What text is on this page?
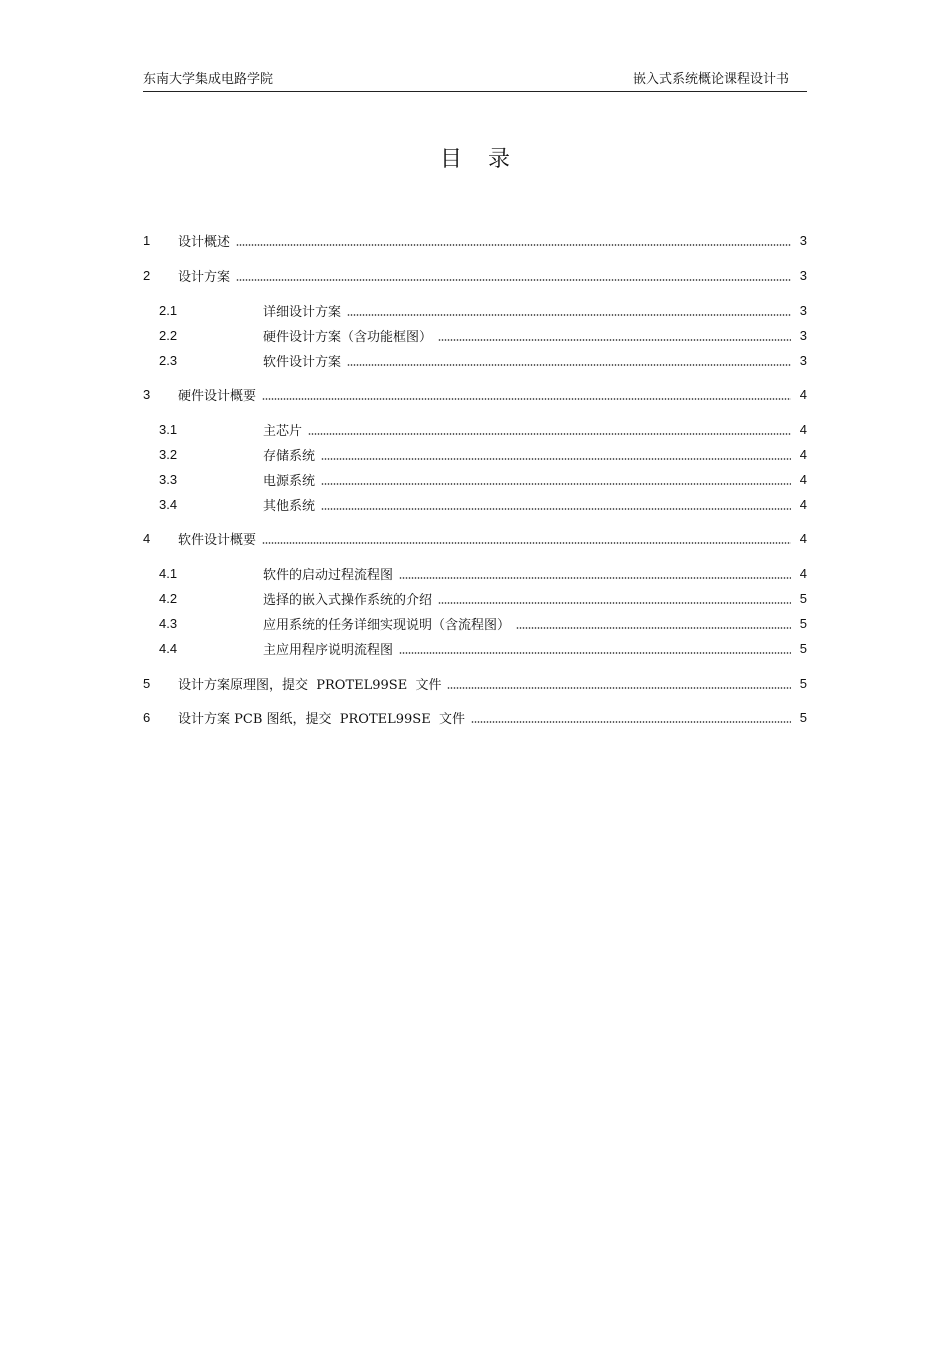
东南大学集成电路学院	嵌入式系统概论课程设计书
目录
1	设计概述	3
2	设计方案	3
2.1	详细设计方案	3
2.2	硬件设计方案（含功能框图）	3
2.3	软件设计方案	3
3	硬件设计概要	4
3.1	主芯片	4
3.2	存储系统	4
3.3	电源系统	4
3.4	其他系统	4
4	软件设计概要	4
4.1	软件的启动过程流程图	4
4.2	选择的嵌入式操作系统的介绍	5
4.3	应用系统的任务详细实现说明（含流程图）	5
4.4	主应用程序说明流程图	5
5	设计方案原理图，提交  PROTEL99SE  文件	5
6	设计方案 PCB 图纸，提交  PROTEL99SE  文件	5
